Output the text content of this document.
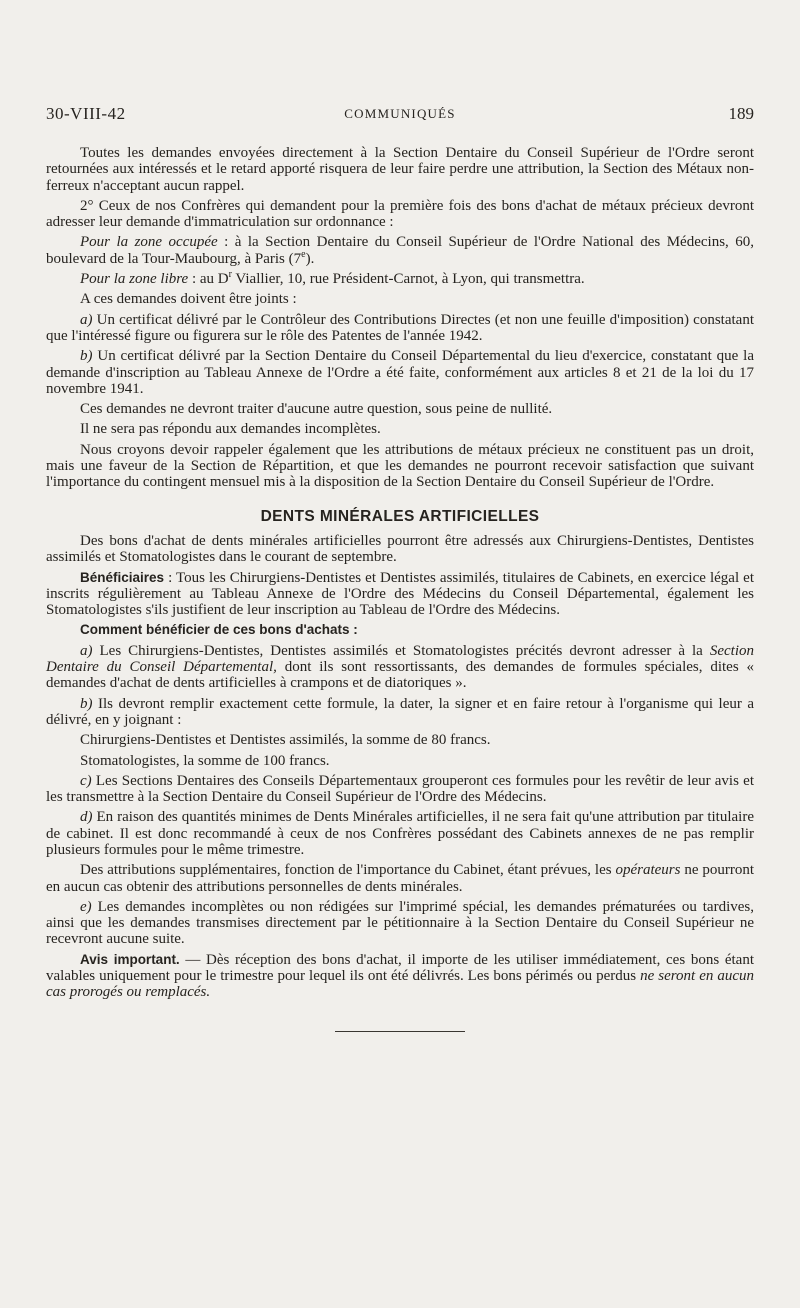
30-VIII-42	COMMUNIQUÉS	189

Toutes les demandes envoyées directement à la Section Dentaire du Conseil Supérieur de l'Ordre seront retournées aux intéressés et le retard apporté risquera de leur faire perdre une attribution, la Section des Métaux non-ferreux n'acceptant aucun rappel.

2° Ceux de nos Confrères qui demandent pour la première fois des bons d'achat de métaux précieux devront adresser leur demande d'immatriculation sur ordonnance :

Pour la zone occupée : à la Section Dentaire du Conseil Supérieur de l'Ordre National des Médecins, 60, boulevard de la Tour-Maubourg, à Paris (7e).

Pour la zone libre : au $D^r$ Viallier, 10, rue Président-Carnot, à Lyon, qui transmettra.

A ces demandes doivent être joints :

a) Un certificat délivré par le Contrôleur des Contributions Directes (et non une feuille d'imposition) constatant que l'intéressé figure ou figurera sur le rôle des Patentes de l'année 1942.

b) Un certificat délivré par la Section Dentaire du Conseil Départemental du lieu d'exercice, constatant que la demande d'inscription au Tableau Annexe de l'Ordre a été faite, conformément aux articles 8 et 21 de la loi du 17 novembre 1941.

Ces demandes ne devront traiter d'aucune autre question, sous peine de nullité.

Il ne sera pas répondu aux demandes incomplètes.

Nous croyons devoir rappeler également que les attributions de métaux précieux ne constituent pas un droit, mais une faveur de la Section de Répartition, et que les demandes ne pourront recevoir satisfaction que suivant l'importance du contingent mensuel mis à la disposition de la Section Dentaire du Conseil Supérieur de l'Ordre.

DENTS MINÉRALES ARTIFICIELLES

Des bons d'achat de dents minérales artificielles pourront être adressés aux Chirurgiens-Dentistes, Dentistes assimilés et Stomatologistes dans le courant de septembre.

Bénéficiaires : Tous les Chirurgiens-Dentistes et Dentistes assimilés, titulaires de Cabinets, en exercice légal et inscrits régulièrement au Tableau Annexe de l'Ordre des Médecins du Conseil Départemental, également les Stomatologistes s'ils justifient de leur inscription au Tableau de l'Ordre des Médecins.

Comment bénéficier de ces bons d'achats :

a) Les Chirurgiens-Dentistes, Dentistes assimilés et Stomatologistes précités devront adresser à la Section Dentaire du Conseil Départemental, dont ils sont ressortissants, des demandes de formules spéciales, dites « demandes d'achat de dents artificielles à crampons et de diatoriques ».

b) Ils devront remplir exactement cette formule, la dater, la signer et en faire retour à l'organisme qui leur a délivré, en y joignant :

Chirurgiens-Dentistes et Dentistes assimilés, la somme de 80 francs.

Stomatologistes, la somme de 100 francs.

c) Les Sections Dentaires des Conseils Départementaux grouperont ces formules pour les revêtir de leur avis et les transmettre à la Section Dentaire du Conseil Supérieur de l'Ordre des Médecins.

d) En raison des quantités minimes de Dents Minérales artificielles, il ne sera fait qu'une attribution par titulaire de cabinet. Il est donc recommandé à ceux de nos Confrères possédant des Cabinets annexes de ne pas remplir plusieurs formules pour le même trimestre.

Des attributions supplémentaires, fonction de l'importance du Cabinet, étant prévues, les opérateurs ne pourront en aucun cas obtenir des attributions personnelles de dents minérales.

e) Les demandes incomplètes ou non rédigées sur l'imprimé spécial, les demandes prématurées ou tardives, ainsi que les demandes transmises directement par le pétitionnaire à la Section Dentaire du Conseil Supérieur ne recevront aucune suite.

Avis important. — Dès réception des bons d'achat, il importe de les utiliser immédiatement, ces bons étant valables uniquement pour le trimestre pour lequel ils ont été délivrés. Les bons périmés ou perdus ne seront en aucun cas prorogés ou remplacés.
